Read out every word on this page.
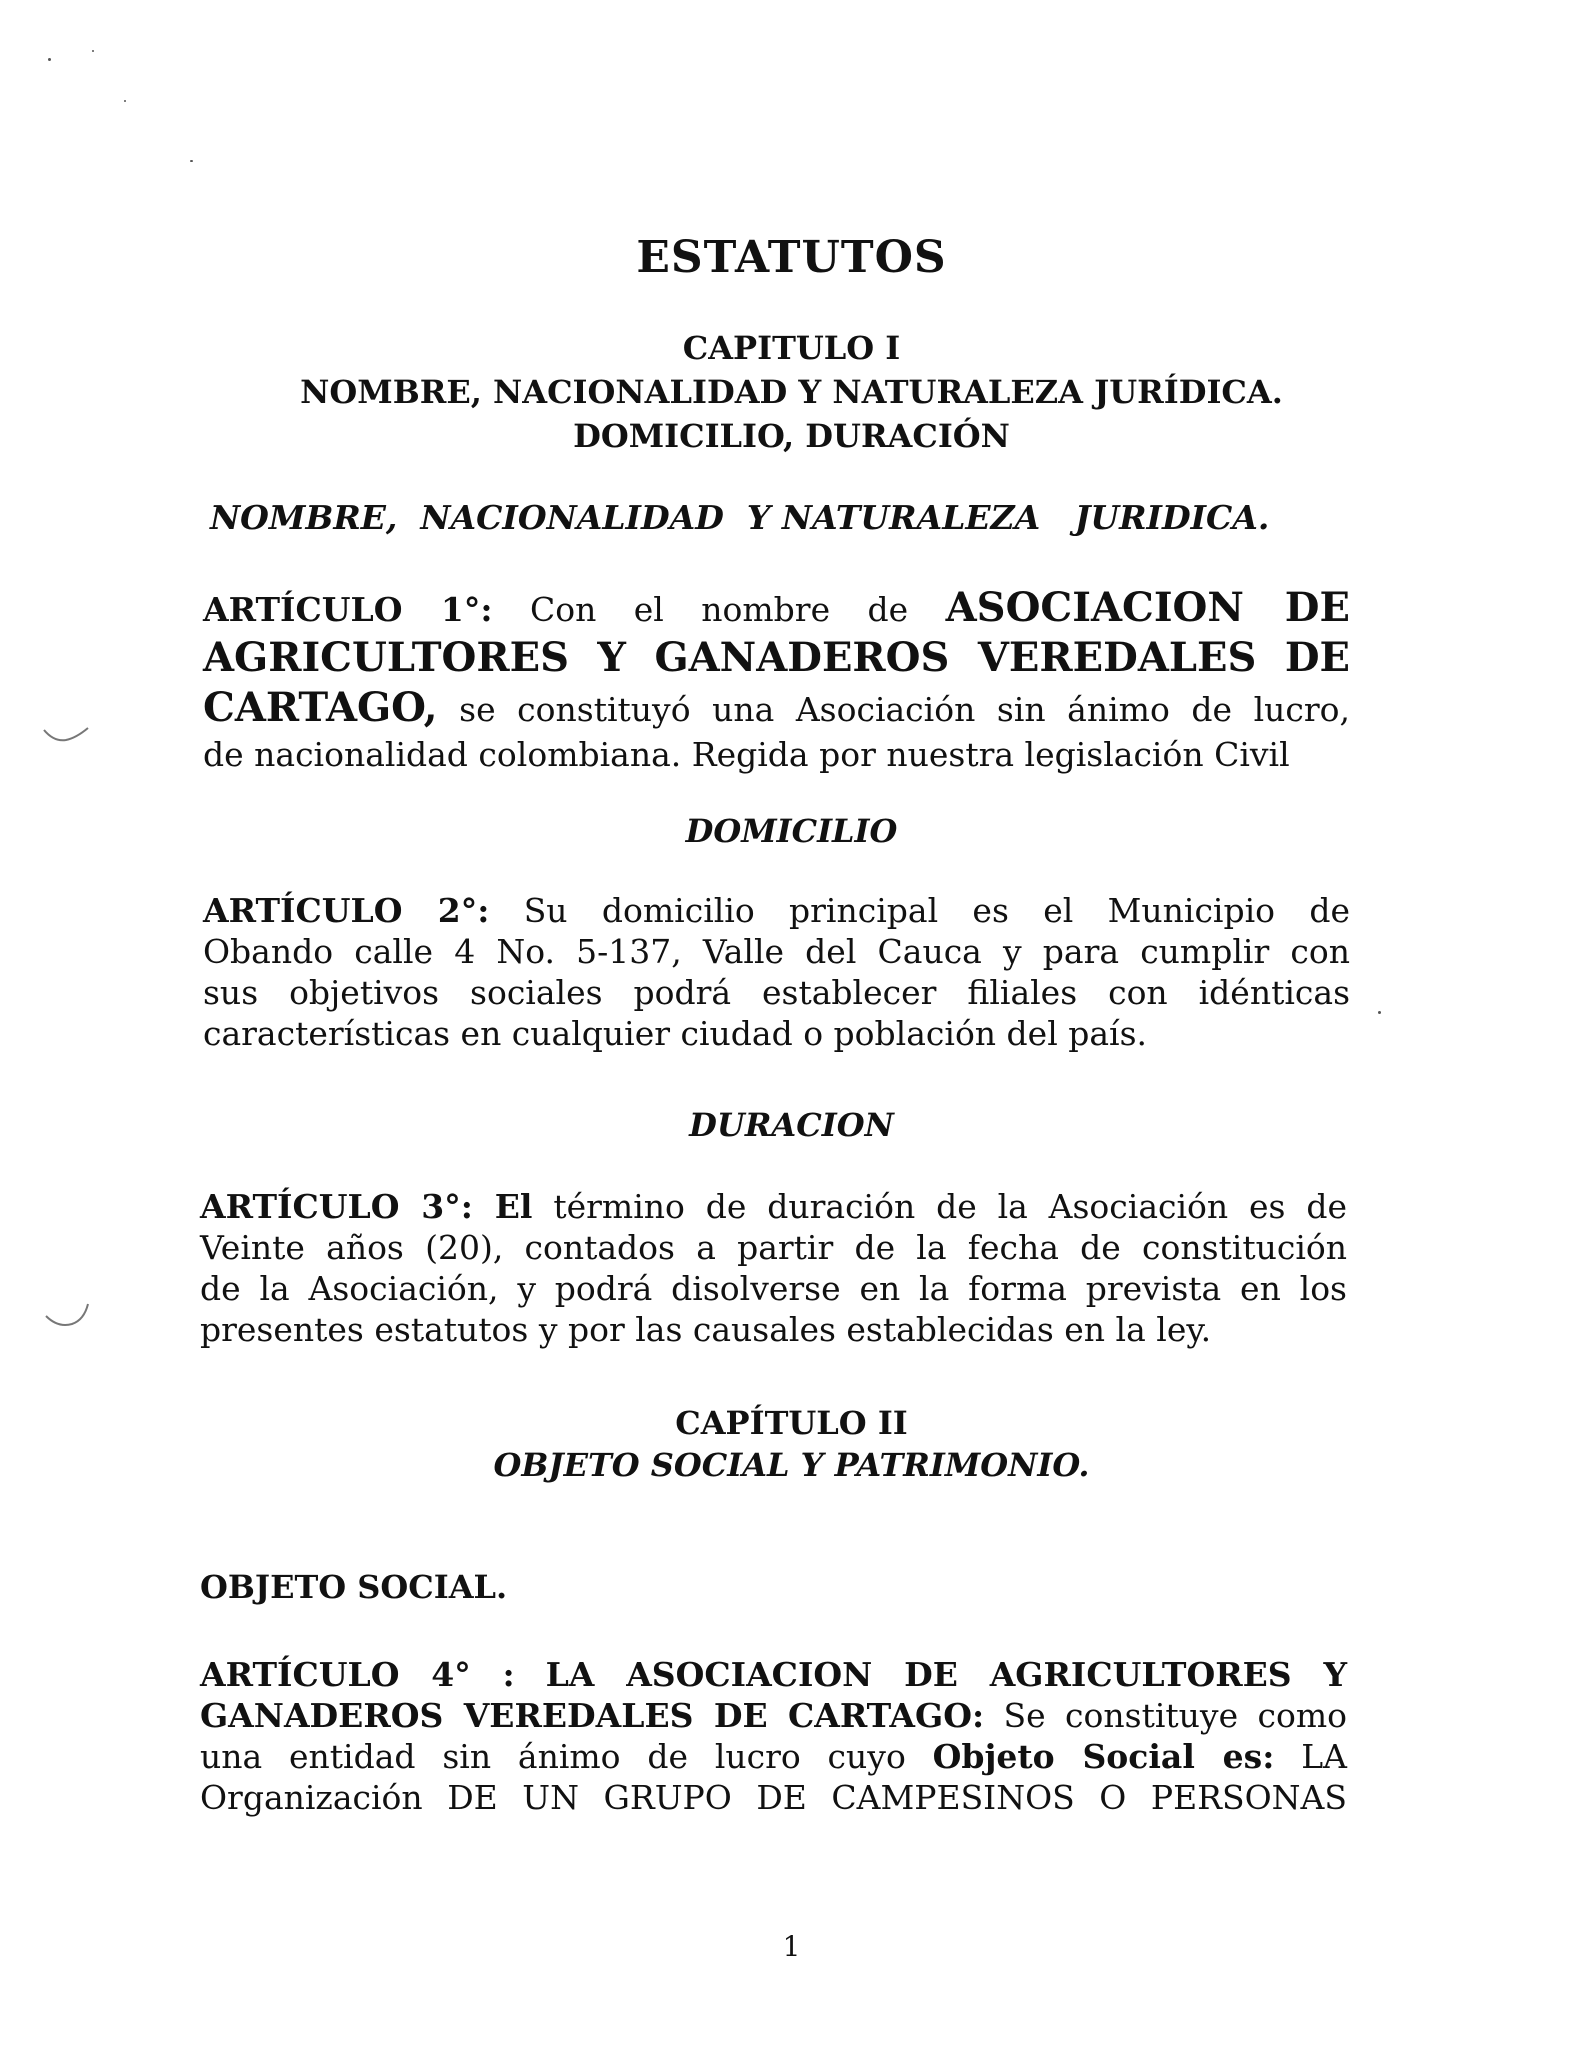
ESTATUTOS
CAPITULO I
NOMBRE, NACIONALIDAD Y NATURALEZA JURÍDICA.
DOMICILIO, DURACIÓN
NOMBRE,  NACIONALIDAD  Y NATURALEZA   JURIDICA.
ARTÍCULO 1°: Con el nombre de ASOCIACION DE
AGRICULTORES Y GANADEROS VEREDALES DE
CARTAGO, se constituyó una Asociación sin ánimo de lucro,
de nacionalidad colombiana. Regida por nuestra legislación Civil
DOMICILIO
ARTÍCULO 2°: Su domicilio principal es el Municipio de
Obando calle 4 No. 5-137, Valle del Cauca y para cumplir con
sus objetivos sociales podrá establecer filiales con idénticas
características en cualquier ciudad o población del país.
DURACION
ARTÍCULO 3°: El término de duración de la Asociación es de
Veinte años (20), contados a partir de la fecha de constitución
de la Asociación, y podrá disolverse en la forma prevista en los
presentes estatutos y por las causales establecidas en la ley.
CAPÍTULO II
OBJETO SOCIAL Y PATRIMONIO.
OBJETO SOCIAL.
ARTÍCULO 4° : LA ASOCIACION DE AGRICULTORES Y
GANADEROS VEREDALES DE CARTAGO: Se constituye como
una entidad sin ánimo de lucro cuyo Objeto Social es: LA
Organización DE UN GRUPO DE CAMPESINOS O PERSONAS
1
